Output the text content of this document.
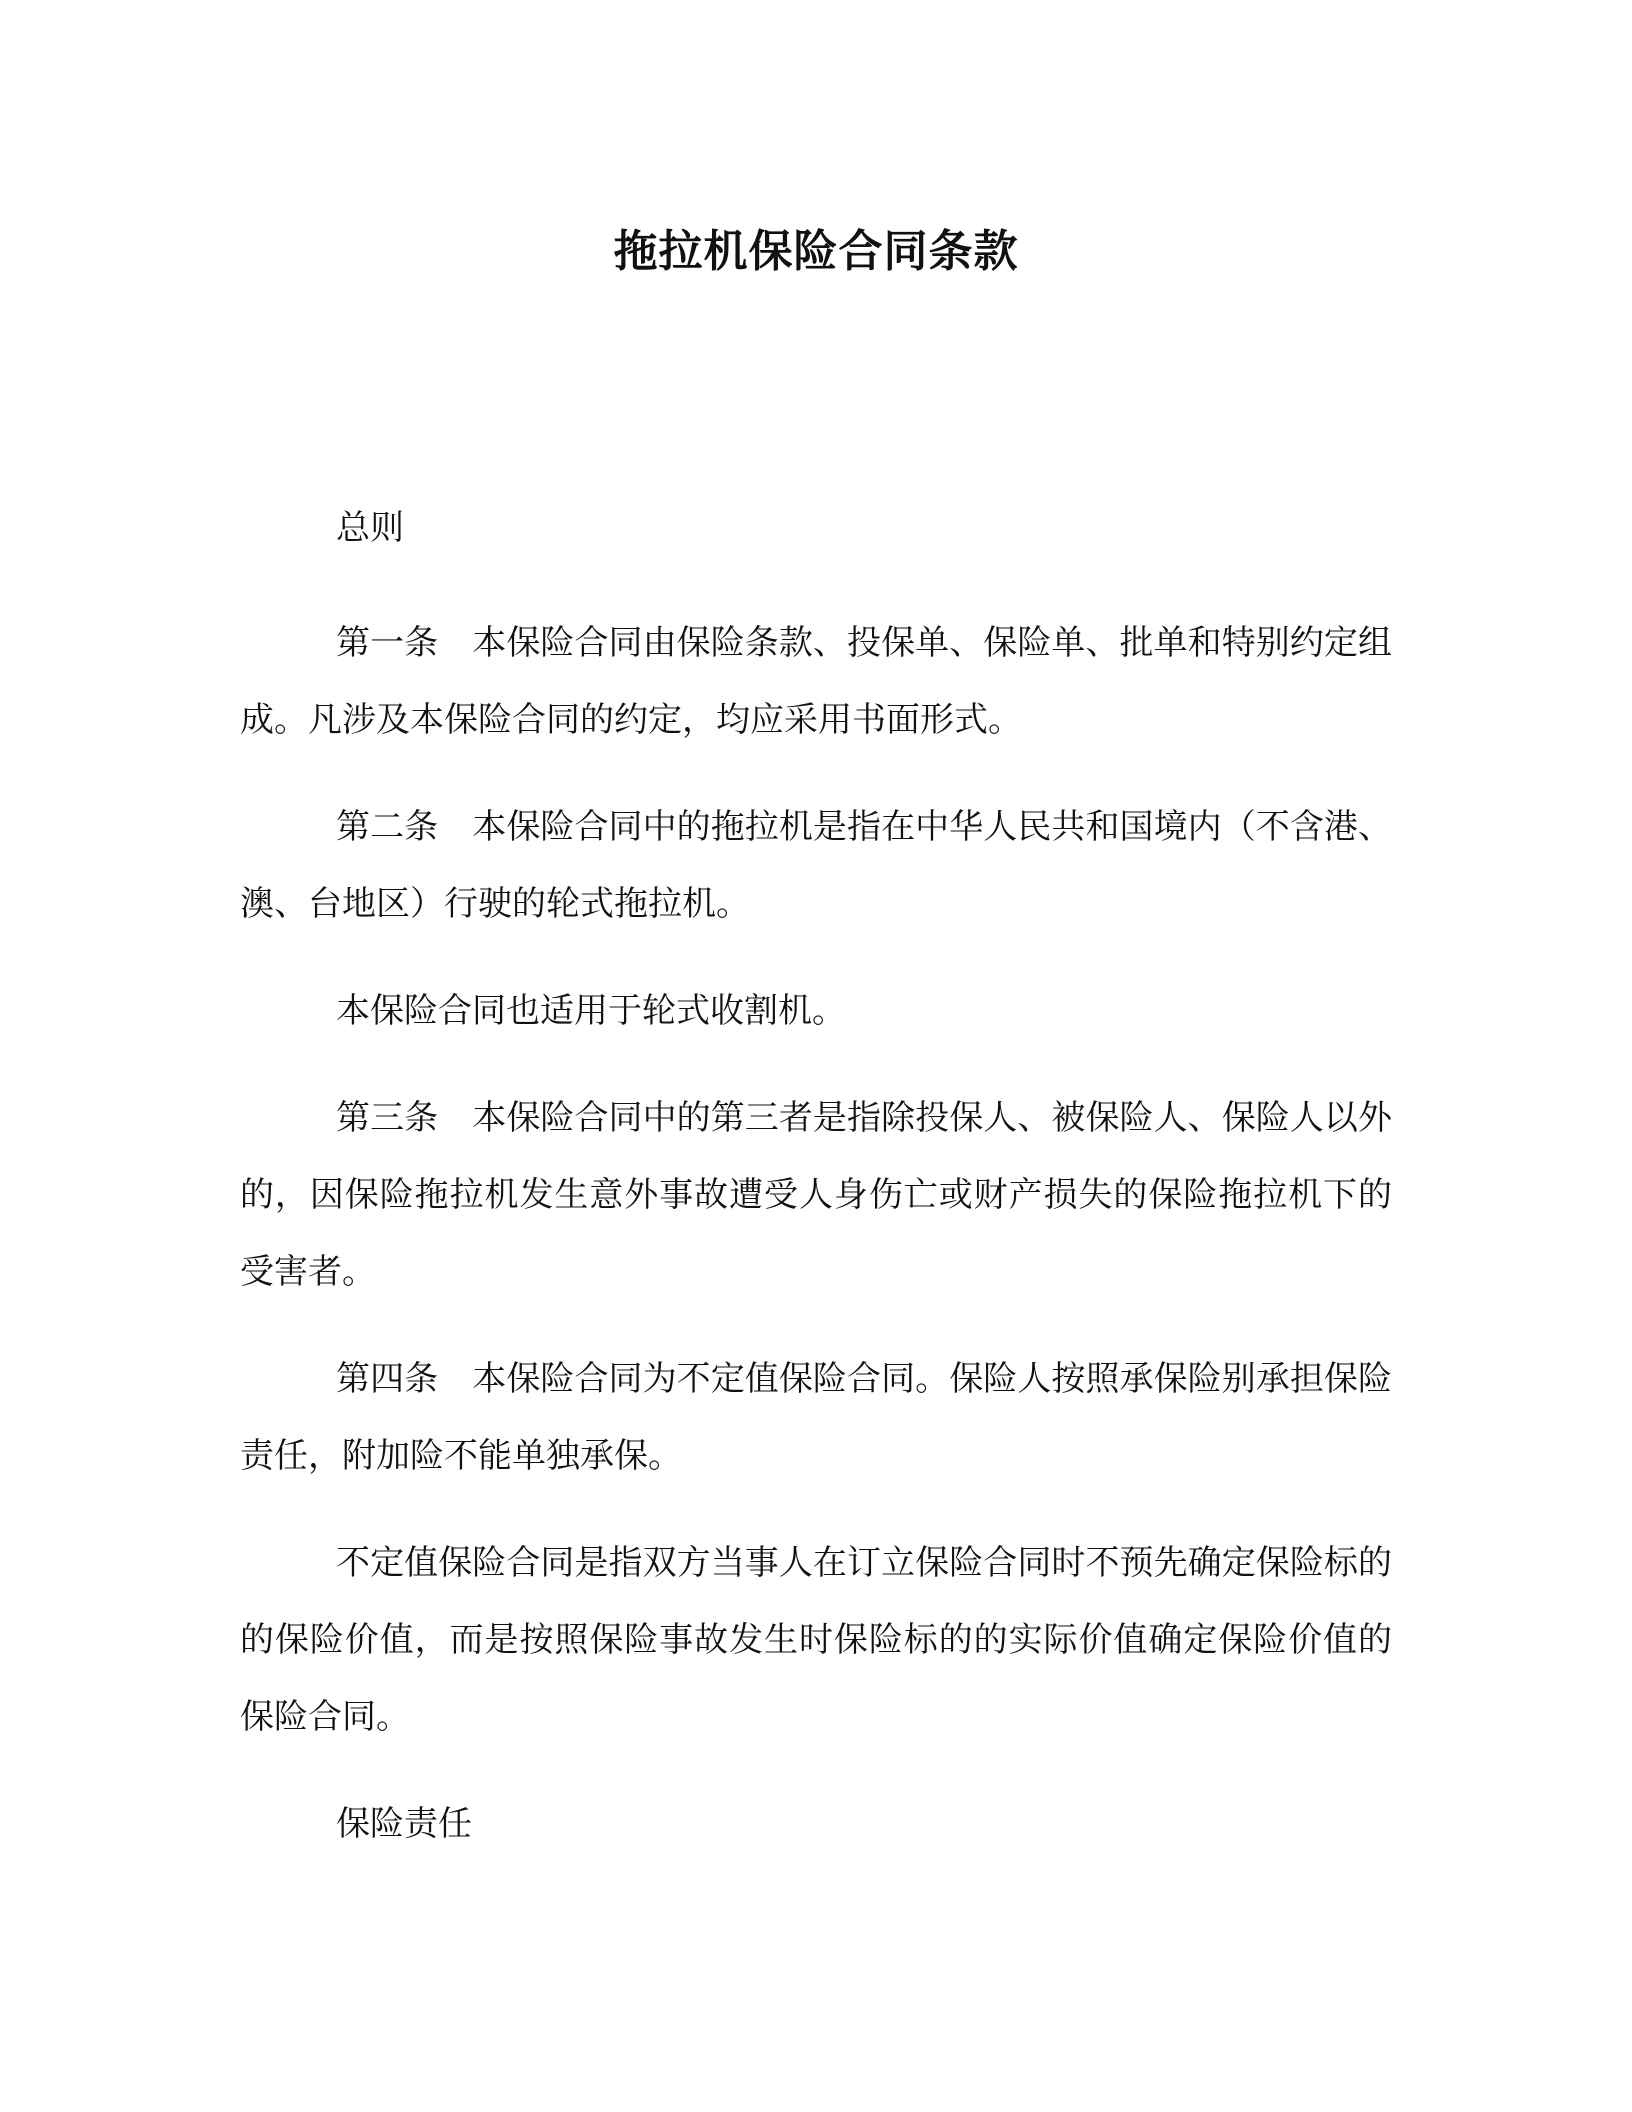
拖拉机保险合同条款

总则

第一条　本保险合同由保险条款、投保单、保险单、批单和特别约定组成。凡涉及本保险合同的约定，均应采用书面形式。

第二条　本保险合同中的拖拉机是指在中华人民共和国境内（不含港、澳、台地区）行驶的轮式拖拉机。

本保险合同也适用于轮式收割机。

第三条　本保险合同中的第三者是指除投保人、被保险人、保险人以外的，因保险拖拉机发生意外事故遭受人身伤亡或财产损失的保险拖拉机下的受害者。

第四条　本保险合同为不定值保险合同。保险人按照承保险别承担保险责任，附加险不能单独承保。

不定值保险合同是指双方当事人在订立保险合同时不预先确定保险标的的保险价值，而是按照保险事故发生时保险标的的实际价值确定保险价值的保险合同。

保险责任
